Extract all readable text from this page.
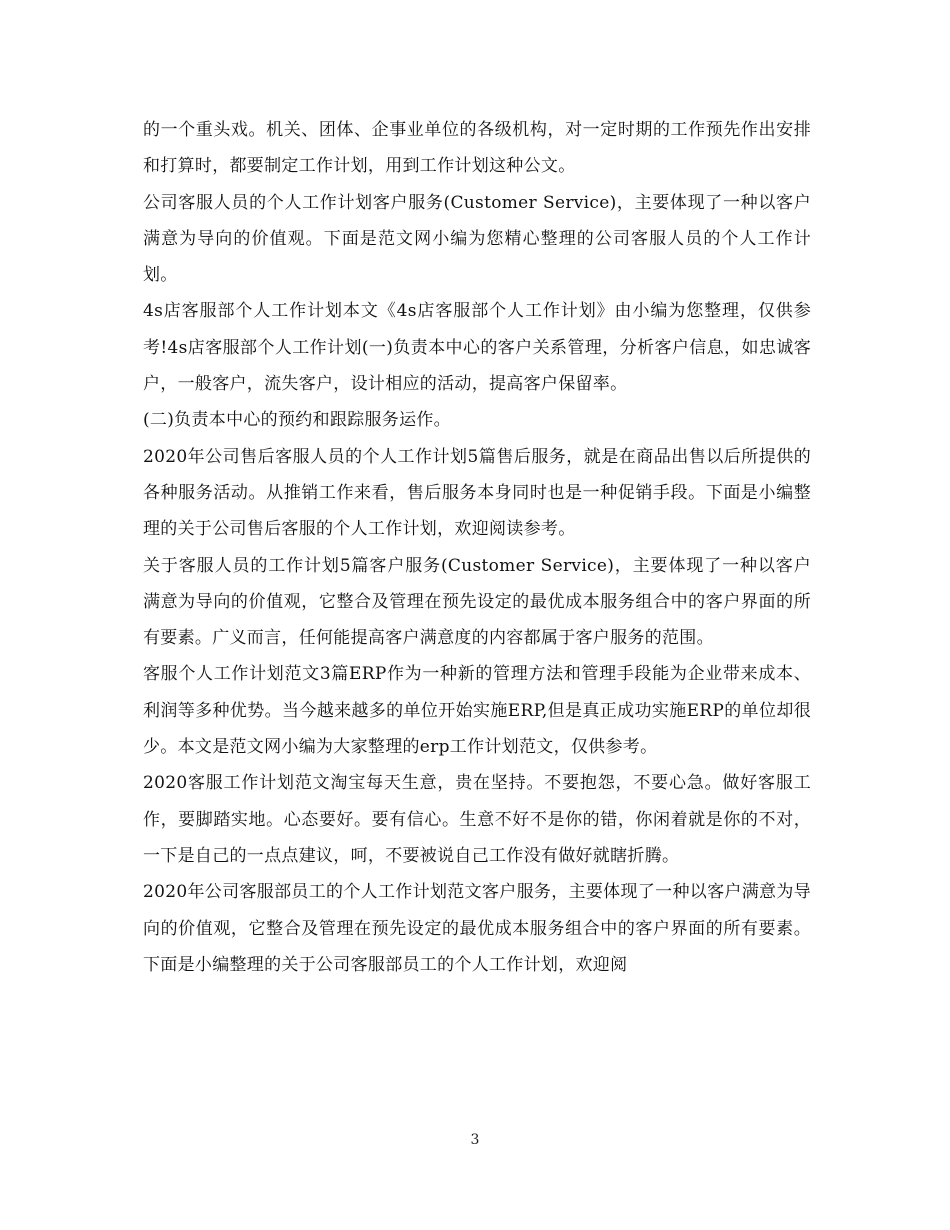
的一个重头戏。机关、团体、企事业单位的各级机构，对一定时期的工作预先作出安排和打算时，都要制定工作计划，用到工作计划这种公文。

公司客服人员的个人工作计划客户服务(Customer Service)，主要体现了一种以客户满意为导向的价值观。下面是范文网小编为您精心整理的公司客服人员的个人工作计划。

4s店客服部个人工作计划本文《4s店客服部个人工作计划》由小编为您整理，仅供参考!4s店客服部个人工作计划(一)负责本中心的客户关系管理，分析客户信息，如忠诚客户，一般客户，流失客户，设计相应的活动，提高客户保留率。

(二)负责本中心的预约和跟踪服务运作。

2020年公司售后客服人员的个人工作计划5篇售后服务，就是在商品出售以后所提供的各种服务活动。从推销工作来看，售后服务本身同时也是一种促销手段。下面是小编整理的关于公司售后客服的个人工作计划，欢迎阅读参考。

关于客服人员的工作计划5篇客户服务(Customer Service)，主要体现了一种以客户满意为导向的价值观，它整合及管理在预先设定的最优成本服务组合中的客户界面的所有要素。广义而言，任何能提高客户满意度的内容都属于客户服务的范围。

客服个人工作计划范文3篇ERP作为一种新的管理方法和管理手段能为企业带来成本、利润等多种优势。当今越来越多的单位开始实施ERP,但是真正成功实施ERP的单位却很少。本文是范文网小编为大家整理的erp工作计划范文，仅供参考。

2020客服工作计划范文淘宝每天生意，贵在坚持。不要抱怨，不要心急。做好客服工作，要脚踏实地。心态要好。要有信心。生意不好不是你的错，你闲着就是你的不对，一下是自己的一点点建议，呵，不要被说自己工作没有做好就瞎折腾。

2020年公司客服部员工的个人工作计划范文客户服务，主要体现了一种以客户满意为导向的价值观，它整合及管理在预先设定的最优成本服务组合中的客户界面的所有要素。下面是小编整理的关于公司客服部员工的个人工作计划，欢迎阅

3
